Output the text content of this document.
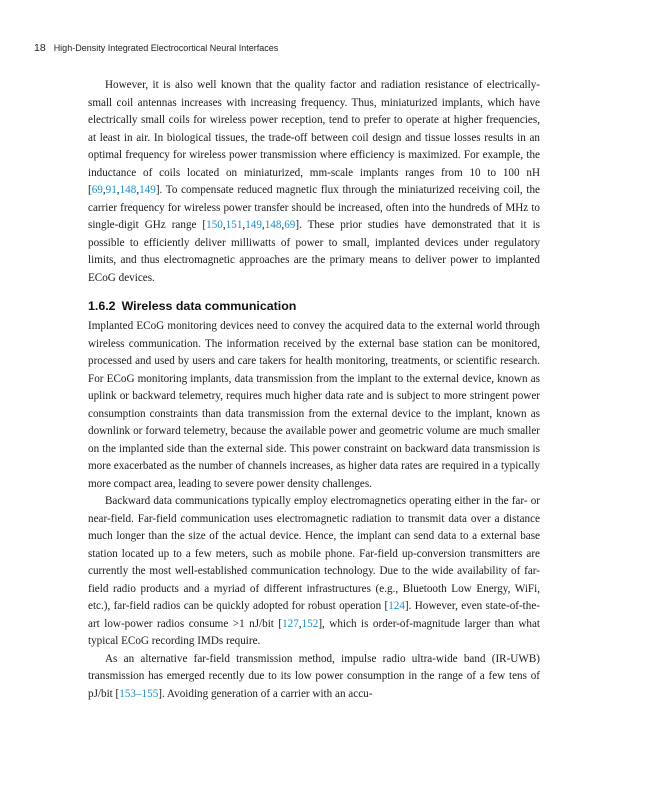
18 High-Density Integrated Electrocortical Neural Interfaces

However, it is also well known that the quality factor and radiation resistance of electrically-small coil antennas increases with increasing frequency. Thus, miniaturized implants, which have electrically small coils for wireless power reception, tend to prefer to operate at higher frequencies, at least in air. In biological tissues, the trade-off between coil design and tissue losses results in an optimal frequency for wireless power transmission where efficiency is maximized. For example, the inductance of coils located on miniaturized, mm-scale implants ranges from 10 to 100 nH [69,91,148,149]. To compensate reduced magnetic flux through the miniaturized receiving coil, the carrier frequency for wireless power transfer should be increased, often into the hundreds of MHz to single-digit GHz range [150,151,149,148,69]. These prior studies have demonstrated that it is possible to efficiently deliver milliwatts of power to small, implanted devices under regulatory limits, and thus electromagnetic approaches are the primary means to deliver power to implanted ECoG devices.

1.6.2 Wireless data communication

Implanted ECoG monitoring devices need to convey the acquired data to the external world through wireless communication. The information received by the external base station can be monitored, processed and used by users and care takers for health monitoring, treatments, or scientific research. For ECoG monitoring implants, data transmission from the implant to the external device, known as uplink or backward telemetry, requires much higher data rate and is subject to more stringent power consumption constraints than data transmission from the external device to the implant, known as downlink or forward telemetry, because the available power and geometric volume are much smaller on the implanted side than the external side. This power constraint on backward data transmission is more exacerbated as the number of channels increases, as higher data rates are required in a typically more compact area, leading to severe power density challenges.

Backward data communications typically employ electromagnetics operating either in the far- or near-field. Far-field communication uses electromagnetic radiation to transmit data over a distance much longer than the size of the actual device. Hence, the implant can send data to a external base station located up to a few meters, such as mobile phone. Far-field up-conversion transmitters are currently the most well-established communication technology. Due to the wide availability of far-field radio products and a myriad of different infrastructures (e.g., Bluetooth Low Energy, WiFi, etc.), far-field radios can be quickly adopted for robust operation [124]. However, even state-of-the-art low-power radios consume >1 nJ/bit [127,152], which is order-of-magnitude larger than what typical ECoG recording IMDs require.

As an alternative far-field transmission method, impulse radio ultra-wide band (IR-UWB) transmission has emerged recently due to its low power consumption in the range of a few tens of pJ/bit [153–155]. Avoiding generation of a carrier with an accu-
